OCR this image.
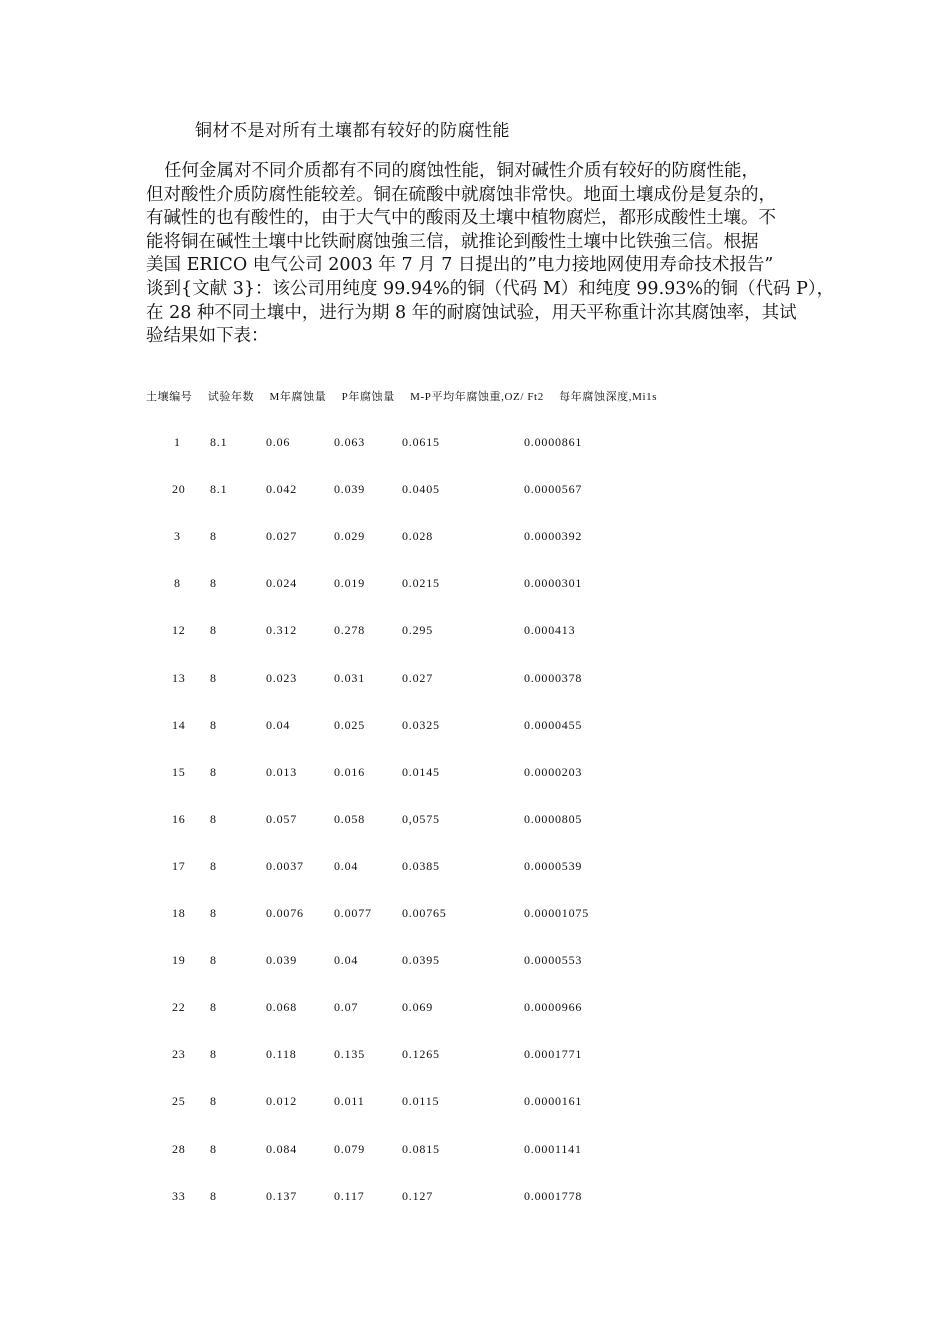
铜材不是对所有土壤都有较好的防腐性能
任何金属对不同介质都有不同的腐蚀性能，铜对碱性介质有较好的防腐性能，
但对酸性介质防腐性能较差。铜在硫酸中就腐蚀非常快。地面土壤成份是复杂的，
有碱性的也有酸性的，由于大气中的酸雨及土壤中植物腐烂，都形成酸性土壤。不
能将铜在碱性土壤中比铁耐腐蚀強三信，就推论到酸性土壤中比铁強三信。根据
美国 ERICO 电气公司 2003 年 7 月 7 日提出的”电力接地网使用寿命技术报告”
谈到{文献 3}：该公司用纯度 99.94%的铜（代码 M）和纯度 99.93%的铜（代码 P），
在 28 种不同土壤中，进行为期 8 年的耐腐蚀试验，用天平称重计沵其腐蚀率，其试
验结果如下表：
土壤编号 试验年数 M年腐蚀量 P年腐蚀量 M-P平均年腐蚀重,OZ/ Ft2 每年腐蚀深度,Mi1s
1 8.1	0.06	0.063	0.0615	0.0000861
20 8.1	0.042	0.039	0.0405	0.0000567
3 8	0.027	0.029	0.028	0.0000392
8 8	0.024	0.019	0.0215	0.0000301
12 8	0.312	0.278	0.295	0.000413
13 8	0.023	0.031	0.027	0.0000378
14 8	0.04	0.025	0.0325	0.0000455
15 8	0.013	0.016	0.0145	0.0000203
16 8	0.057	0.058	0,0575	0.0000805
17 8	0.0037	0.04	0.0385	0.0000539
18 8	0.0076	0.0077	0.00765	0.00001075
19 8	0.039	0.04	0.0395	0.0000553
22 8	0.068	0.07	0.069	0.0000966
23 8	0.118	0.135	0.1265	0.0001771
25 8	0.012	0.011	0.0115	0.0000161
28 8	0.084	0.079	0.0815	0.0001141
33 8	0.137	0.117	0.127	0.0001778
